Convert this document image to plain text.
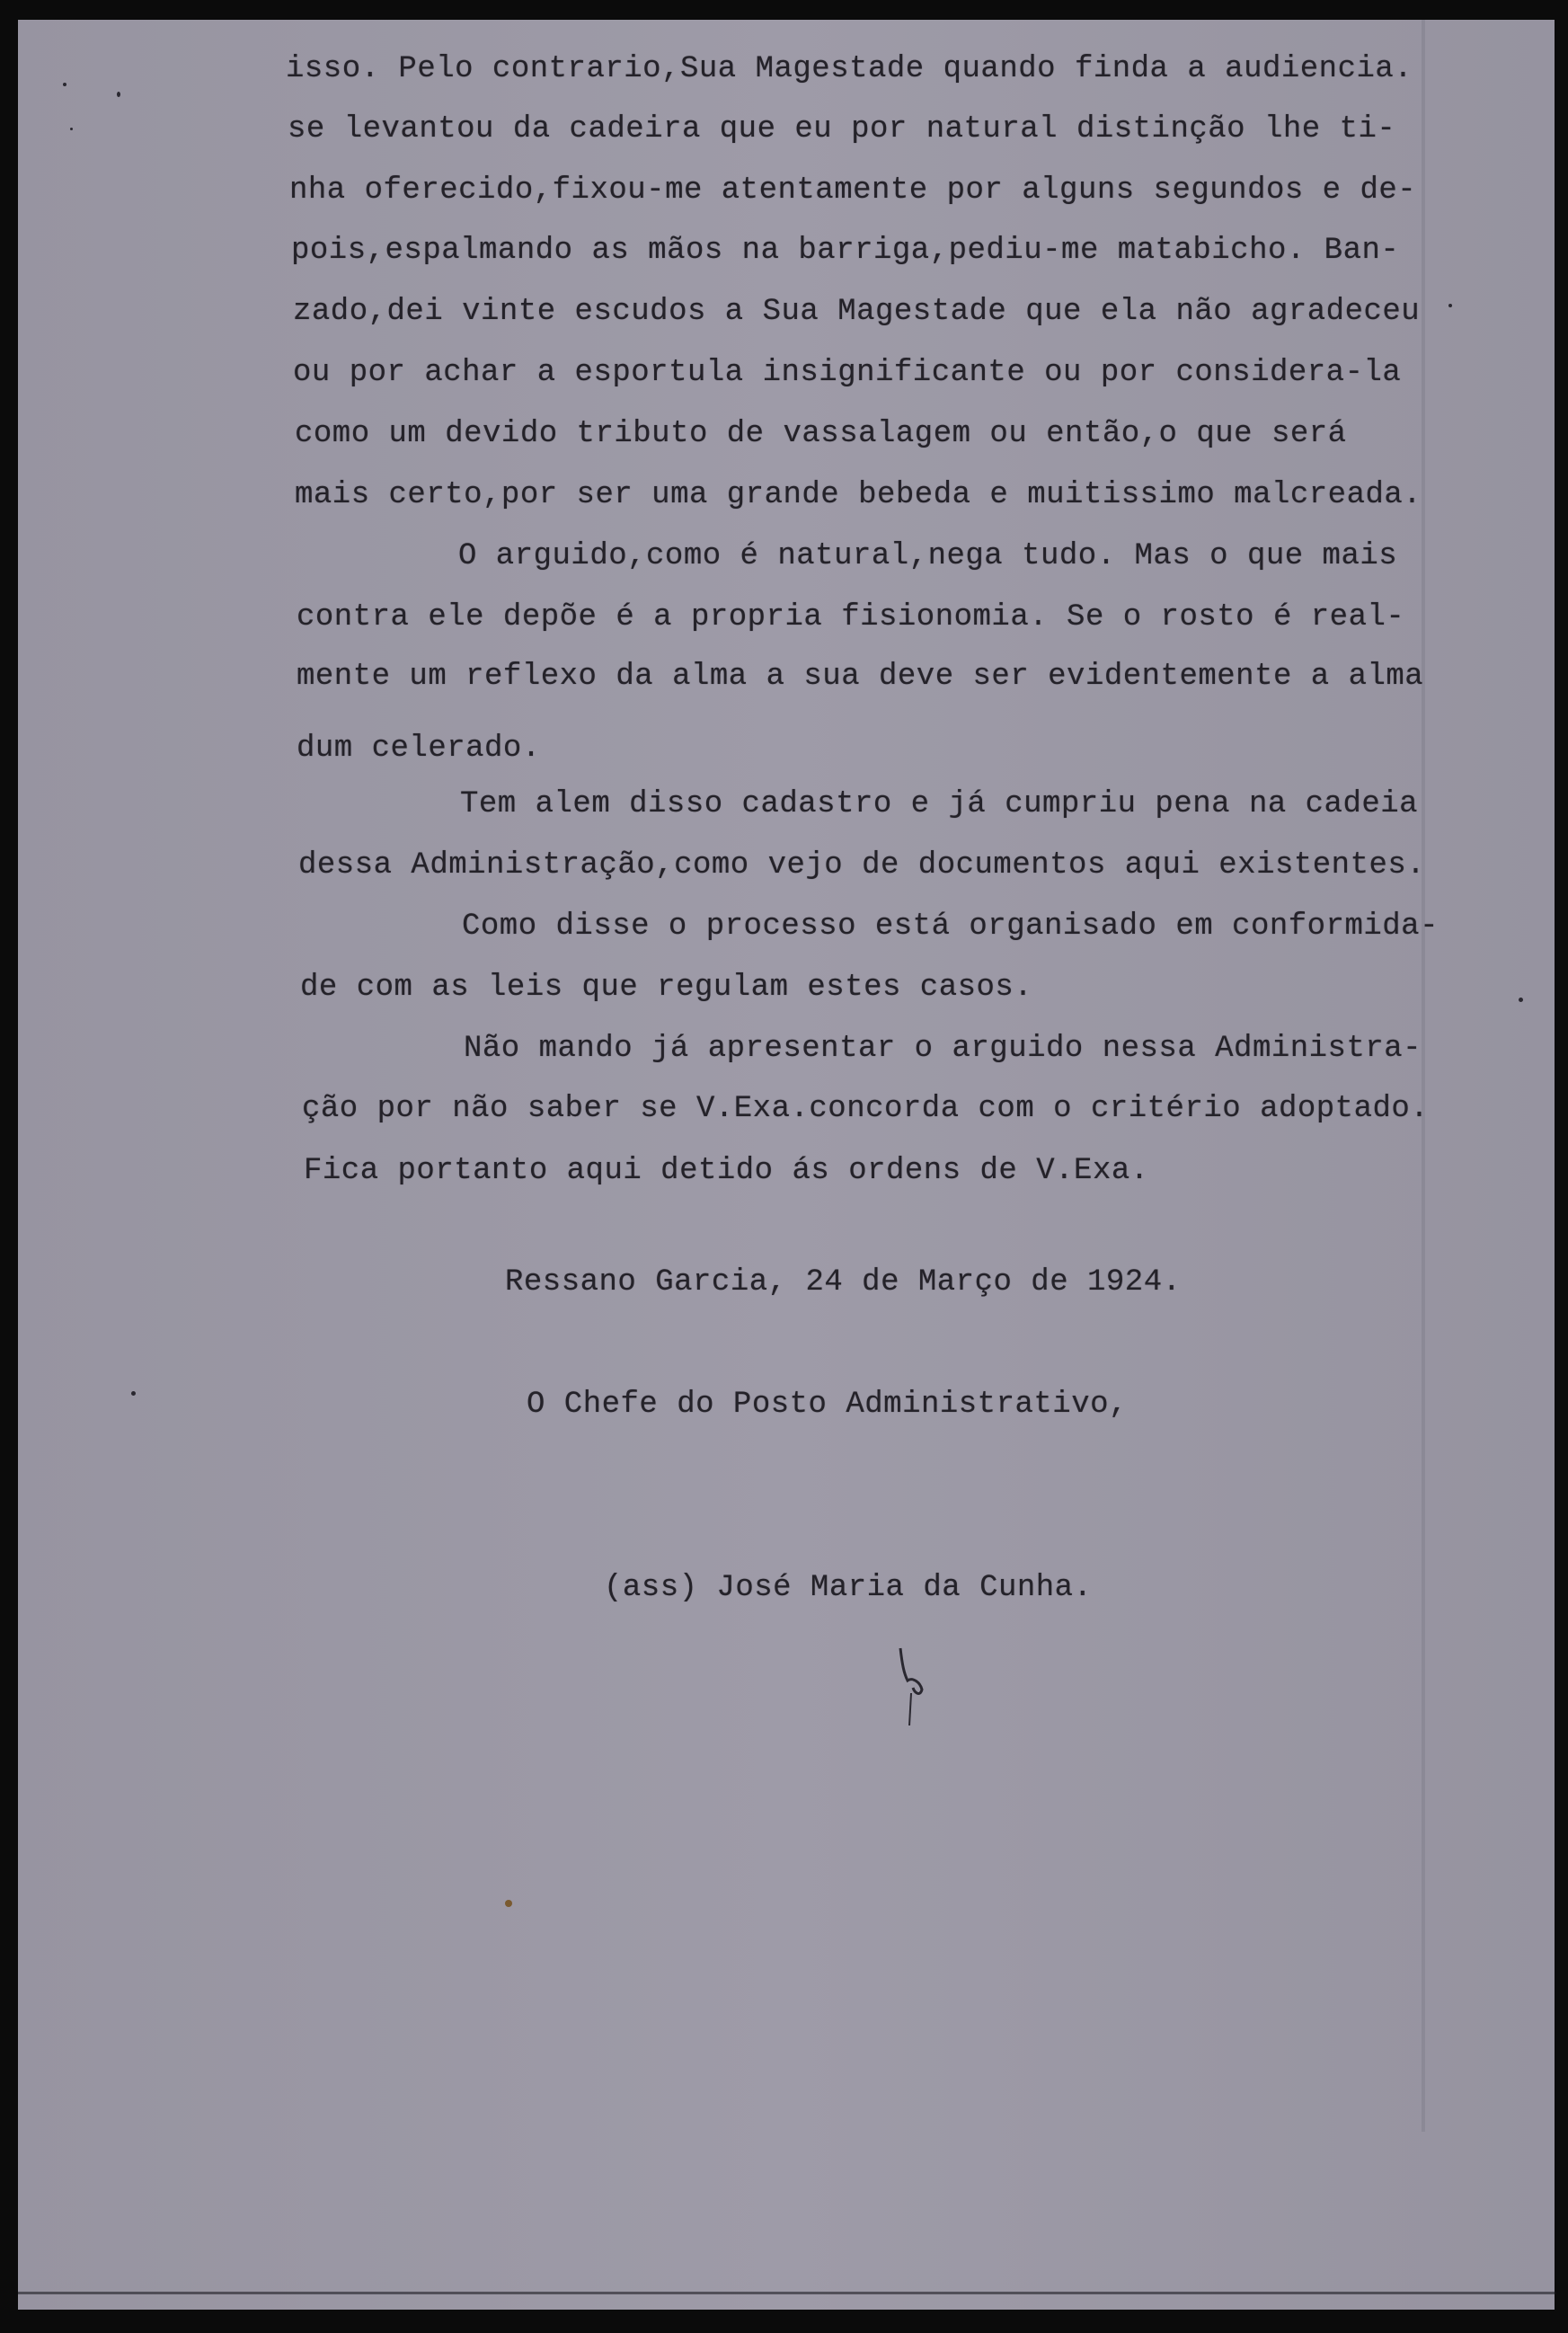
isso. Pelo contrario,Sua Magestade quando finda a audiencia.
se levantou da cadeira que eu por natural distinção lhe ti-
nha oferecido,fixou-me atentamente por alguns segundos e de-
pois,espalmando as mãos na barriga,pediu-me matabicho. Ban-
zado,dei vinte escudos a Sua Magestade que ela não agradeceu
ou por achar a esportula insignificante ou por considera-la
como um devido tributo de vassalagem ou então,o que será
mais certo,por ser uma grande bebeda e muitissimo malcreada.
O arguido,como é natural,nega tudo. Mas o que mais
contra ele depõe é a propria fisionomia. Se o rosto é real-
mente um reflexo da alma a sua deve ser evidentemente a alma
dum celerado.
Tem alem disso cadastro e já cumpriu pena na cadeia
dessa Administração,como vejo de documentos aqui existentes.
Como disse o processo está organisado em conformida-
de com as leis que regulam estes casos.
Não mando já apresentar o arguido nessa Administra-
ção por não saber se V.Exa.concorda com o critério adoptado.
Fica portanto aqui detido ás ordens de V.Exa.
Ressano Garcia, 24 de Março de 1924.
O Chefe do Posto Administrativo,
(ass) José Maria da Cunha.
